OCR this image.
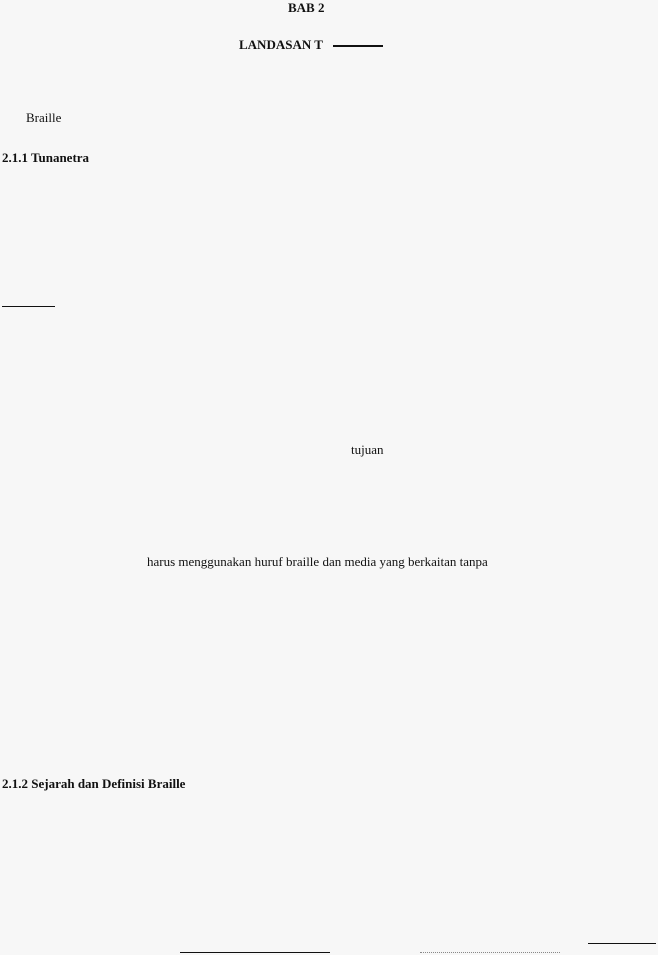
BAB 2
LANDASAN T
Braille
2.1.1 Tunanetra
tujuan
harus menggunakan huruf braille dan media yang berkaitan tanpa
2.1.2 Sejarah dan Definisi Braille
